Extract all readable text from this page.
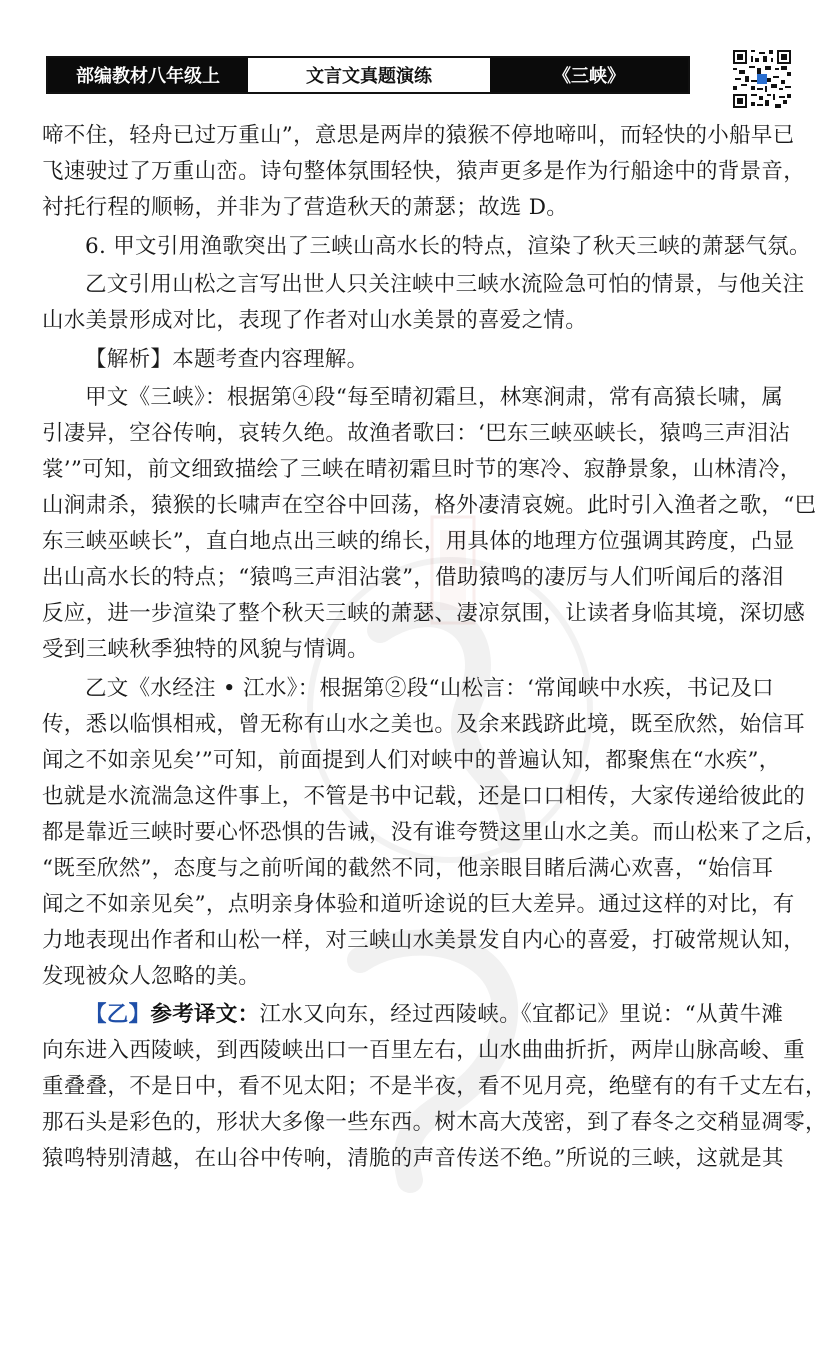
部编教材八年级上	文言文真题演练	《三峡》
啼不住，轻舟已过万重山”，意思是两岸的猿猴不停地啼叫，而轻快的小船早已
飞速驶过了万重山峦。诗句整体氛围轻快，猿声更多是作为行船途中的背景音，
衬托行程的顺畅，并非为了营造秋天的萧瑟；故选 D。
6. 甲文引用渔歌突出了三峡山高水长的特点，渲染了秋天三峡的萧瑟气氛。
乙文引用山松之言写出世人只关注峡中三峡水流险急可怕的情景，与他关注
山水美景形成对比，表现了作者对山水美景的喜爱之情。
【解析】本题考查内容理解。
甲文《三峡》：根据第④段“每至晴初霜旦，林寒涧肃，常有高猿长啸，属
引凄异，空谷传响，哀转久绝。故渔者歌曰：‘巴东三峡巫峡长，猿鸣三声泪沾
裳’”可知，前文细致描绘了三峡在晴初霜旦时节的寒冷、寂静景象，山林清冷，
山涧肃杀，猿猴的长啸声在空谷中回荡，格外凄清哀婉。此时引入渔者之歌，“巴
东三峡巫峡长”，直白地点出三峡的绵长，用具体的地理方位强调其跨度，凸显
出山高水长的特点；“猿鸣三声泪沾裳”，借助猿鸣的凄厉与人们听闻后的落泪
反应，进一步渲染了整个秋天三峡的萧瑟、凄凉氛围，让读者身临其境，深切感
受到三峡秋季独特的风貌与情调。
乙文《水经注 • 江水》：根据第②段“山松言：‘常闻峡中水疾，书记及口
传，悉以临惧相戒，曾无称有山水之美也。及余来践跻此境，既至欣然，始信耳
闻之不如亲见矣’”可知，前面提到人们对峡中的普遍认知，都聚焦在“水疾”，
也就是水流湍急这件事上，不管是书中记载，还是口口相传，大家传递给彼此的
都是靠近三峡时要心怀恐惧的告诫，没有谁夸赞这里山水之美。而山松来了之后，
“既至欣然”，态度与之前听闻的截然不同，他亲眼目睹后满心欢喜，“始信耳
闻之不如亲见矣”，点明亲身体验和道听途说的巨大差异。通过这样的对比，有
力地表现出作者和山松一样，对三峡山水美景发自内心的喜爱，打破常规认知，
发现被众人忽略的美。
【乙】参考译文：江水又向东，经过西陵峡。《宜都记》里说：“从黄牛滩
向东进入西陵峡，到西陵峡出口一百里左右，山水曲曲折折，两岸山脉高峻、重
重叠叠，不是日中，看不见太阳；不是半夜，看不见月亮，绝壁有的有千丈左右，
那石头是彩色的，形状大多像一些东西。树木高大茂密，到了春冬之交稍显凋零，
猿鸣特别清越，在山谷中传响，清脆的声音传送不绝。”所说的三峡，这就是其
